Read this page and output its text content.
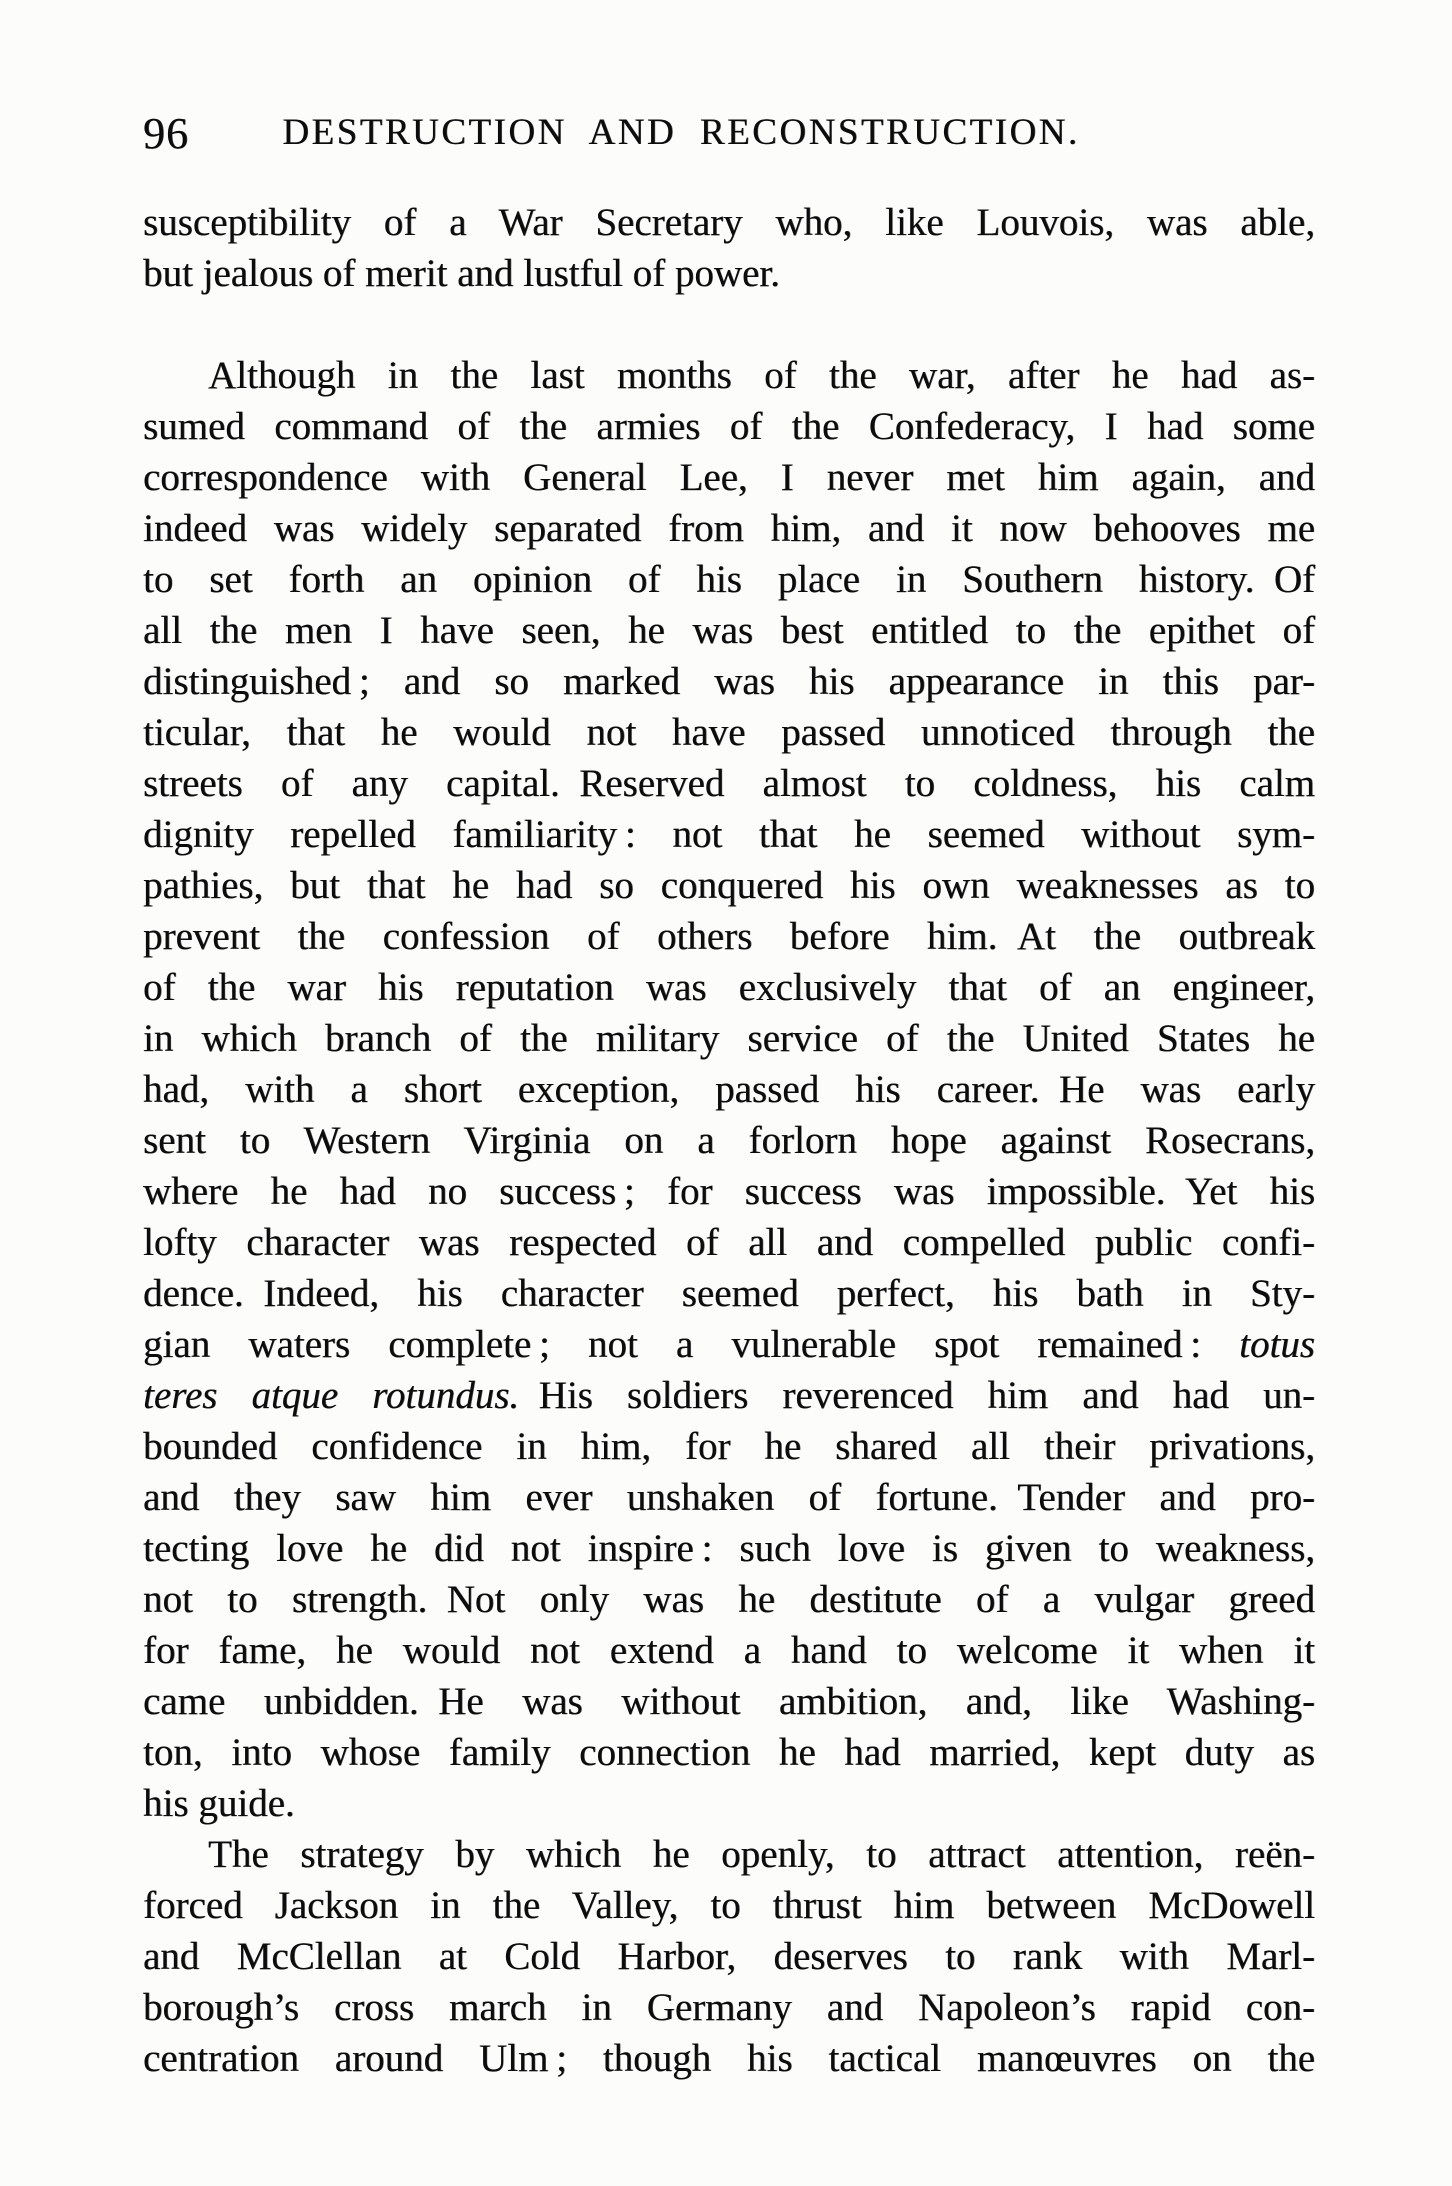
96	DESTRUCTION AND RECONSTRUCTION.
susceptibility of a War Secretary who, like Louvois, was able,
but jealous of merit and lustful of power.
Although in the last months of the war, after he had as-
sumed command of the armies of the Confederacy, I had some
correspondence with General Lee, I never met him again, and
indeed was widely separated from him, and it now behooves me
to set forth an opinion of his place in Southern history. Of
all the men I have seen, he was best entitled to the epithet of
distinguished ; and so marked was his appearance in this par-
ticular, that he would not have passed unnoticed through the
streets of any capital. Reserved almost to coldness, his calm
dignity repelled familiarity : not that he seemed without sym-
pathies, but that he had so conquered his own weaknesses as to
prevent the confession of others before him. At the outbreak
of the war his reputation was exclusively that of an engineer,
in which branch of the military service of the United States he
had, with a short exception, passed his career. He was early
sent to Western Virginia on a forlorn hope against Rosecrans,
where he had no success ; for success was impossible. Yet his
lofty character was respected of all and compelled public confi-
dence. Indeed, his character seemed perfect, his bath in Sty-
gian waters complete ; not a vulnerable spot remained : totus
teres atque rotundus. His soldiers reverenced him and had un-
bounded confidence in him, for he shared all their privations,
and they saw him ever unshaken of fortune. Tender and pro-
tecting love he did not inspire : such love is given to weakness,
not to strength. Not only was he destitute of a vulgar greed
for fame, he would not extend a hand to welcome it when it
came unbidden. He was without ambition, and, like Washing-
ton, into whose family connection he had married, kept duty as
his guide.
The strategy by which he openly, to attract attention, reën-
forced Jackson in the Valley, to thrust him between McDowell
and McClellan at Cold Harbor, deserves to rank with Marl-
borough’s cross march in Germany and Napoleon’s rapid con-
centration around Ulm ; though his tactical manœuvres on the
